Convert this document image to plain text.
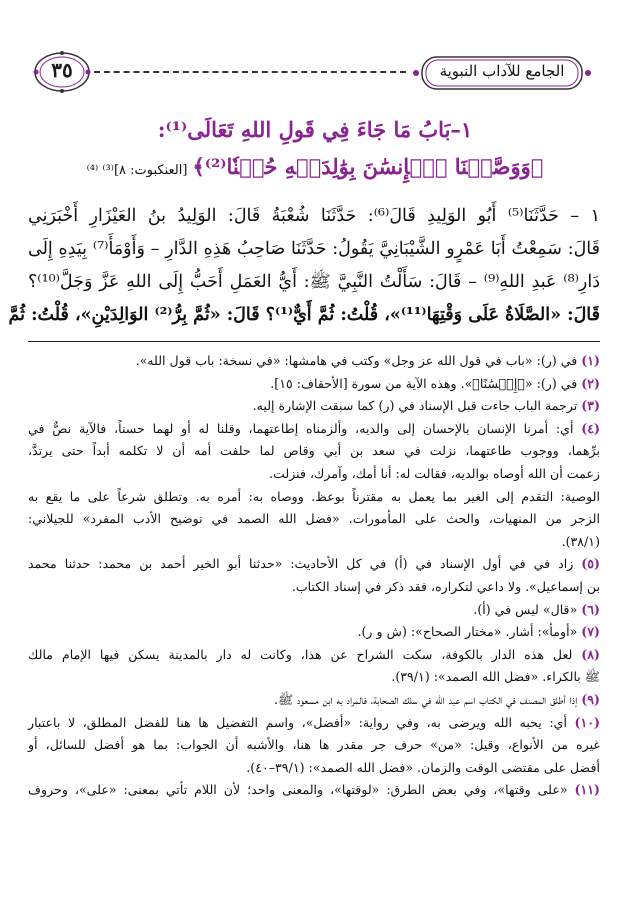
٣٥	الجامع للآداب النبوية
١–بَابُ مَا جَاءَ فِي قَولِ اللهِ تَعَالَى⁽¹⁾:
﴿وَوَصَّيۡنَا ٱلۡإِنسَٰنَ بِوَٰلِدَيۡهِ حُسۡنٗا⁽²⁾﴾ [العنكبوت: ٨]⁽³⁾ ⁽⁴⁾
١ – حَدَّثَنَا⁽⁵⁾ أَبُو الوَلِيدِ قَالَ⁽⁶⁾: حَدَّثَنَا شُعْبَةُ قَالَ: الوَلِيدُ بنُ العَيْزَارِ أَخْبَرَنِي
قَالَ: سَمِعْتُ أَبَا عَمْرٍو الشَّيْبَانِيَّ يَقُولُ: حَدَّثَنَا صَاحِبُ هَذِهِ الدَّارِ – وَأَوْمَأَ⁽⁷⁾ بِيَدِهِ إِلَى
دَارِ⁽⁸⁾ عَبدِ اللهِ⁽⁹⁾ – قَالَ: سَأَلْتُ النَّبِيَّ ﷺ: أَيُّ العَمَلِ أَحَبُّ إِلَى اللهِ عَزَّ وَجَلَّ⁽¹⁰⁾؟
قَالَ: «الصَّلَاةُ عَلَى وَقْتِهَا⁽¹¹⁾»، قُلْتُ: ثُمَّ أَيٌّ⁽¹⁾؟ قَالَ: «ثُمَّ بِرُّ⁽²⁾ الوَالِدَيْنِ»، قُلْتُ: ثُمَّ
(١) في (ر): «باب في قول الله عز وجل» وكتب في هامشها: «في نسخة: باب قول الله».
(٢) في (ر): «﴿إِحۡسَٰنًا﴾». وهذه الآية من سورة [الأحقاف: ١٥].
(٣) ترجمة الباب جاءت قبل الإسناد في (ر) كما سبقت الإشارة إليه.
(٤) أي: أمرنا الإنسان بالإحسان إلى والديه، وألزمناه إطاعتهما، وقلنا له أو لهما حسناً، فالآية نصٌّ في
برِّهما، ووجوب طاعتهما، نزلت في سعد بن أبي وقاص لما حلفت أمه أن لا تكلمه أبداً حتى يرتدَّ،
زعمت أن الله أوصاه بوالديه، فقالت له: أنا أمك، وآمرك، فنزلت.
الوصية: التقدم إلى الغير بما يعمل به مقترناً بوعظ. ووصاه به: أمره به. وتطلق شرعاً على ما يقع به
الزجر من المنهيات، والحث على المأمورات. «فضل الله الصمد في توضيح الأدب المفرد» للجيلاني:
(٣٨/١).
(٥) زاد في في أول الإسناد في (أ) في كل الأحاديث: «حدثنا أبو الخير أحمد بن محمد: حدثنا محمد
بن إسماعيل». ولا داعي لتكراره، فقد ذكر في إسناد الكتاب.
(٦) «قال» ليس في (أ).
(٧) «أومأ»: أشار. «مختار الصحاح»: (ش و ر).
(٨) لعل هذه الدار بالكوفة، سكت الشراح عن هذا، وكانت له دار بالمدينة يسكن فيها الإمام مالك
ﷺ بالكراء. «فضل الله الصمد»: (٣٩/١).
(٩) إذا أطلق المصنف في الكتاب اسم عبد الله في سلك الصحابة، فالمراد به ابن مسعود ﷺ.
(١٠) أي: يحبه الله ويرضى به، وفي رواية: «أفضل»، واسم التفضيل ها هنا للفضل المطلق، لا باعتبار
غيره من الأنواع، وقيل: «من» حرف جر مقدر ها هنا، والأشبه أن الجواب: بما هو أفضل للسائل، أو
أفضل على مقتضى الوقت والزمان. «فضل الله الصمد»: (٣٩/١–٤٠).
(١١) «على وقتها»، وفي بعض الطرق: «لوقتها»، والمعنى واحد؛ لأن اللام تأتي بمعنى: «على»، وحروف
